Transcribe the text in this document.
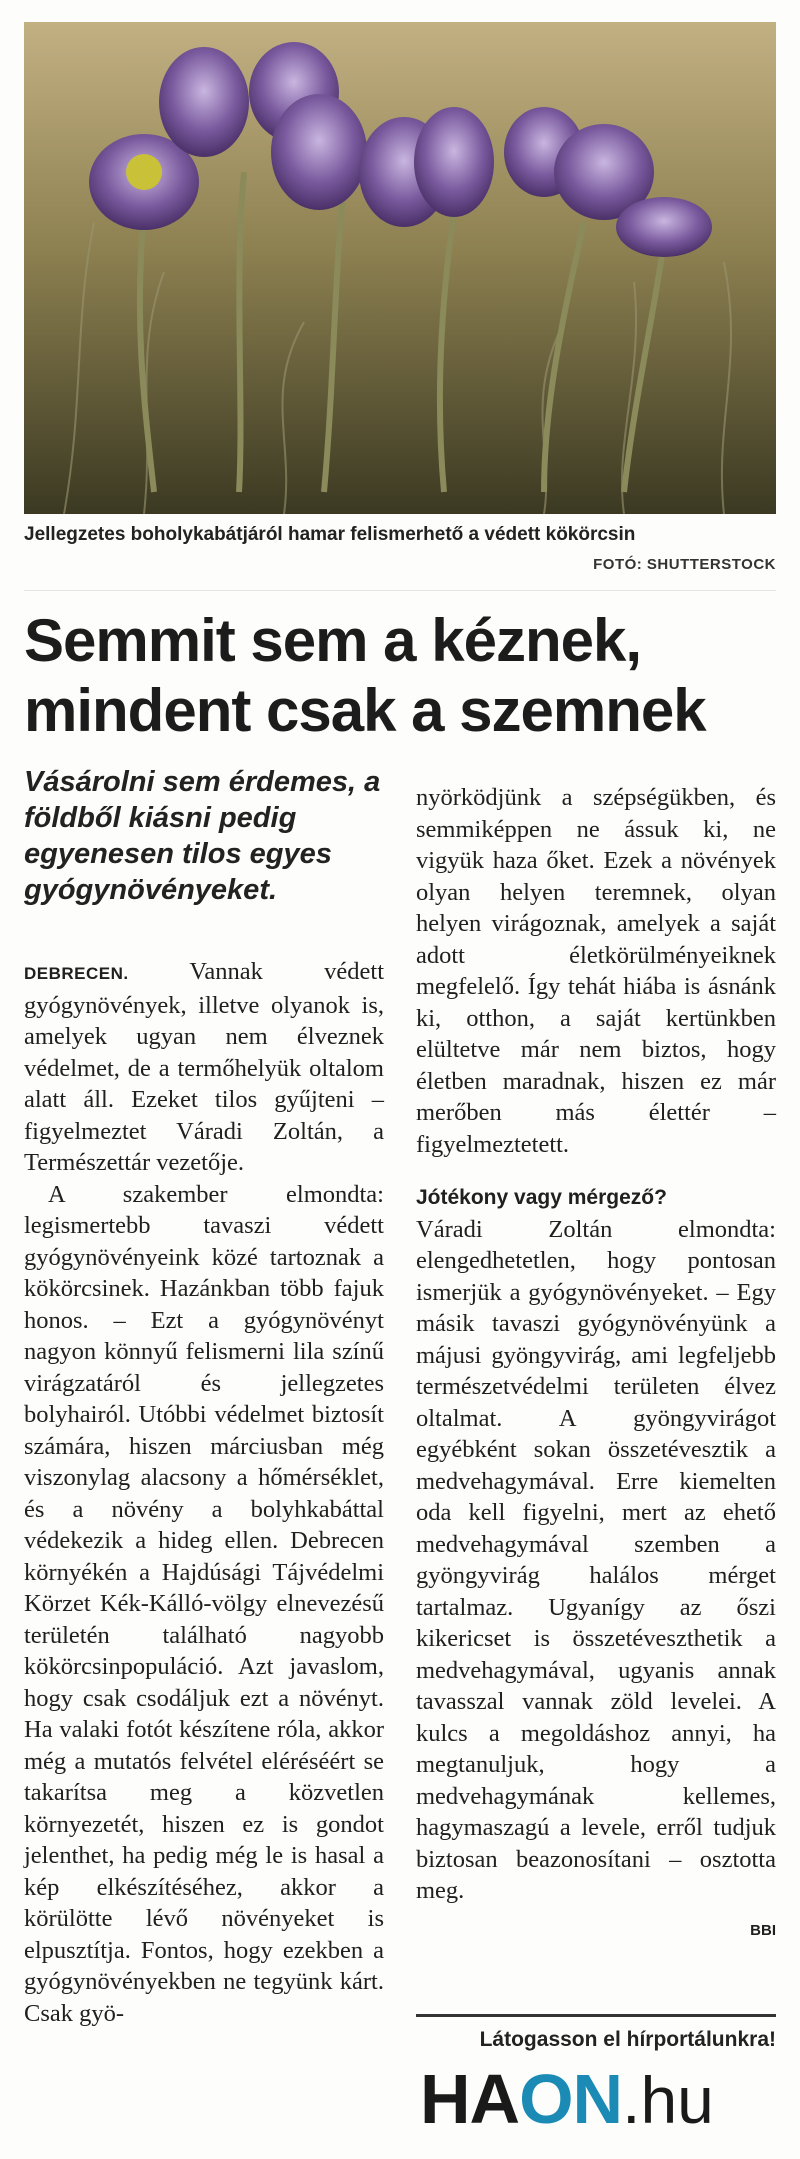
Jellegzetes boholykabátjáról hamar felismerhető a védett kökörcsin
FOTÓ: SHUTTERSTOCK
Semmit sem a kéznek, mindent csak a szemnek

Vásárolni sem érdemes, a földből kiásni pedig egyenesen tilos egyes gyógynövényeket.

DEBRECEN. Vannak védett gyógynövények, illetve olyanok is, amelyek ugyan nem élveznek védelmet, de a termőhelyük oltalom alatt áll. Ezeket tilos gyűjteni – figyelmeztet Váradi Zoltán, a Természettár vezetője.

A szakember elmondta: legismertebb tavaszi védett gyógynövényeink közé tartoznak a kökörcsinek. Hazánkban több fajuk honos. – Ezt a gyógynövényt nagyon könnyű felismerni lila színű virágzatáról és jellegzetes bolyhairól. Utóbbi védelmet biztosít számára, hiszen márciusban még viszonylag alacsony a hőmérséklet, és a növény a bolyhkabáttal védekezik a hideg ellen. Debrecen környékén a Hajdúsági Tájvédelmi Körzet Kék-Kálló-völgy elnevezésű területén található nagyobb kökörcsinpopuláció. Azt javaslom, hogy csak csodáljuk ezt a növényt. Ha valaki fotót készítene róla, akkor még a mutatós felvétel eléréséért se takarítsa meg a közvetlen környezetét, hiszen ez is gondot jelenthet, ha pedig még le is hasal a kép elkészítéséhez, akkor a körülötte lévő növényeket is elpusztítja. Fontos, hogy ezekben a gyógynövényekben ne tegyünk kárt. Csak gyö-

nyörködjünk a szépségükben, és semmiképpen ne ássuk ki, ne vigyük haza őket. Ezek a növények olyan helyen teremnek, olyan helyen virágoznak, amelyek a saját adott életkörülményeiknek megfelelő. Így tehát hiába is ásnánk ki, otthon, a saját kertünkben elültetve már nem biztos, hogy életben maradnak, hiszen ez már merőben más élettér – figyelmeztetett.

Jótékony vagy mérgező?

Váradi Zoltán elmondta: elengedhetetlen, hogy pontosan ismerjük a gyógynövényeket. – Egy másik tavaszi gyógynövényünk a májusi gyöngyvirág, ami legfeljebb természetvédelmi területen élvez oltalmat. A gyöngyvirágot egyébként sokan összetévesztik a medvehagymával. Erre kiemelten oda kell figyelni, mert az ehető medvehagymával szemben a gyöngyvirág halálos mérget tartalmaz. Ugyanígy az őszi kikericset is összetéveszthetik a medvehagymával, ugyanis annak tavasszal vannak zöld levelei. A kulcs a megoldáshoz annyi, ha megtanuljuk, hogy a medvehagymának kellemes, hagymaszagú a levele, erről tudjuk biztosan beazonosítani – osztotta meg.

BBI

Látogasson el hírportálunkra!
HAON.hu
